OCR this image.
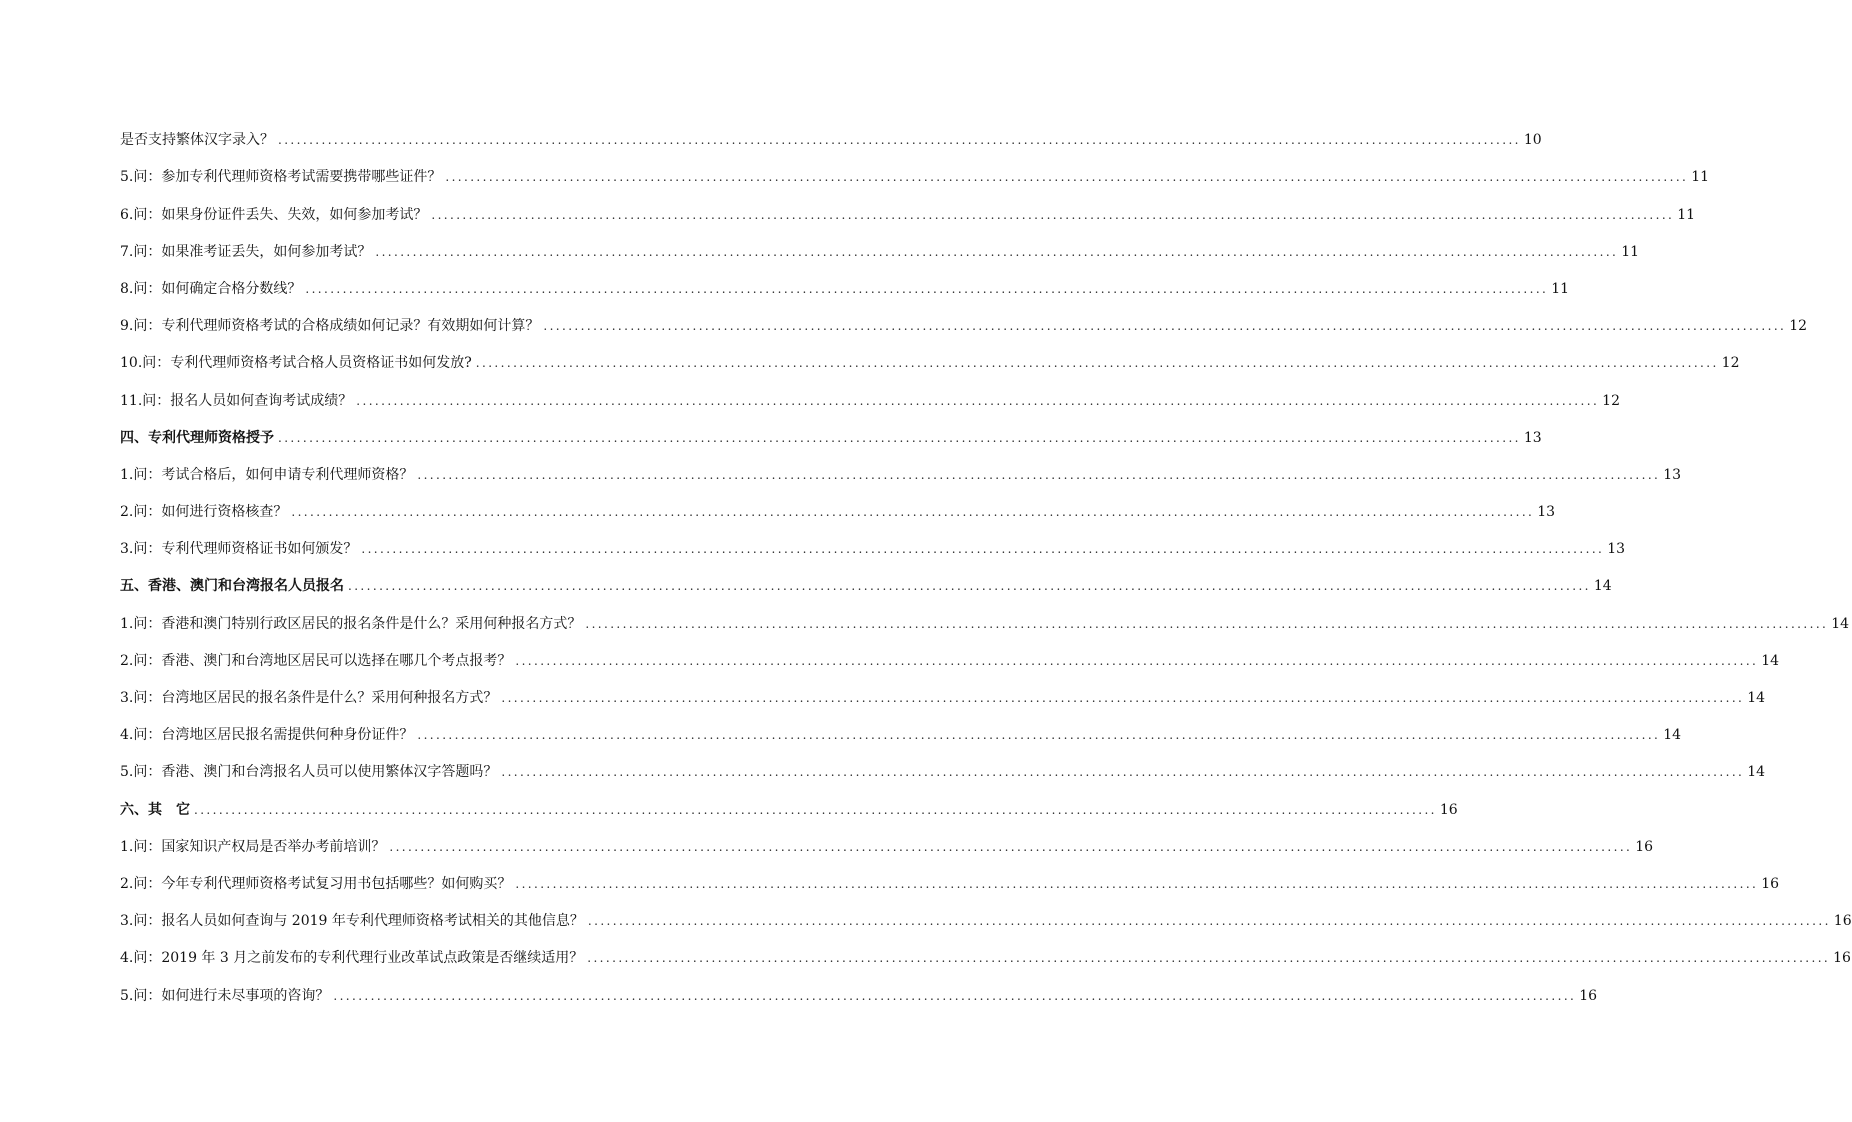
是否支持繁体汉字录入？ ........................................................................................................................................................................................................ 10
5.问：参加专利代理师资格考试需要携带哪些证件？ ........................................................................................................................................................................................................ 11
6.问：如果身份证件丢失、失效，如何参加考试？ ........................................................................................................................................................................................................ 11
7.问：如果准考证丢失，如何参加考试？ ........................................................................................................................................................................................................ 11
8.问：如何确定合格分数线？ ........................................................................................................................................................................................................ 11
9.问：专利代理师资格考试的合格成绩如何记录？有效期如何计算？ ........................................................................................................................................................................................................ 12
10.问：专利代理师资格考试合格人员资格证书如何发放? ........................................................................................................................................................................................................ 12
11.问：报名人员如何查询考试成绩？ ........................................................................................................................................................................................................ 12
四、专利代理师资格授予 ........................................................................................................................................................................................................ 13
1.问：考试合格后，如何申请专利代理师资格？ ........................................................................................................................................................................................................ 13
2.问：如何进行资格核查？ ........................................................................................................................................................................................................ 13
3.问：专利代理师资格证书如何颁发？ ........................................................................................................................................................................................................ 13
五、香港、澳门和台湾报名人员报名 ........................................................................................................................................................................................................ 14
1.问：香港和澳门特别行政区居民的报名条件是什么？采用何种报名方式？ ........................................................................................................................................................................................................ 14
2.问：香港、澳门和台湾地区居民可以选择在哪几个考点报考？ ........................................................................................................................................................................................................ 14
3.问：台湾地区居民的报名条件是什么？采用何种报名方式？ ........................................................................................................................................................................................................ 14
4.问：台湾地区居民报名需提供何种身份证件？ ........................................................................................................................................................................................................ 14
5.问：香港、澳门和台湾报名人员可以使用繁体汉字答题吗？ ........................................................................................................................................................................................................ 14
六、其　它 ........................................................................................................................................................................................................ 16
1.问：国家知识产权局是否举办考前培训？ ........................................................................................................................................................................................................ 16
2.问：今年专利代理师资格考试复习用书包括哪些？如何购买？ ........................................................................................................................................................................................................ 16
3.问：报名人员如何查询与 2019 年专利代理师资格考试相关的其他信息？ ........................................................................................................................................................................................................ 16
4.问：2019 年 3 月之前发布的专利代理行业改革试点政策是否继续适用？ ........................................................................................................................................................................................................ 16
5.问：如何进行未尽事项的咨询？ ........................................................................................................................................................................................................ 16
